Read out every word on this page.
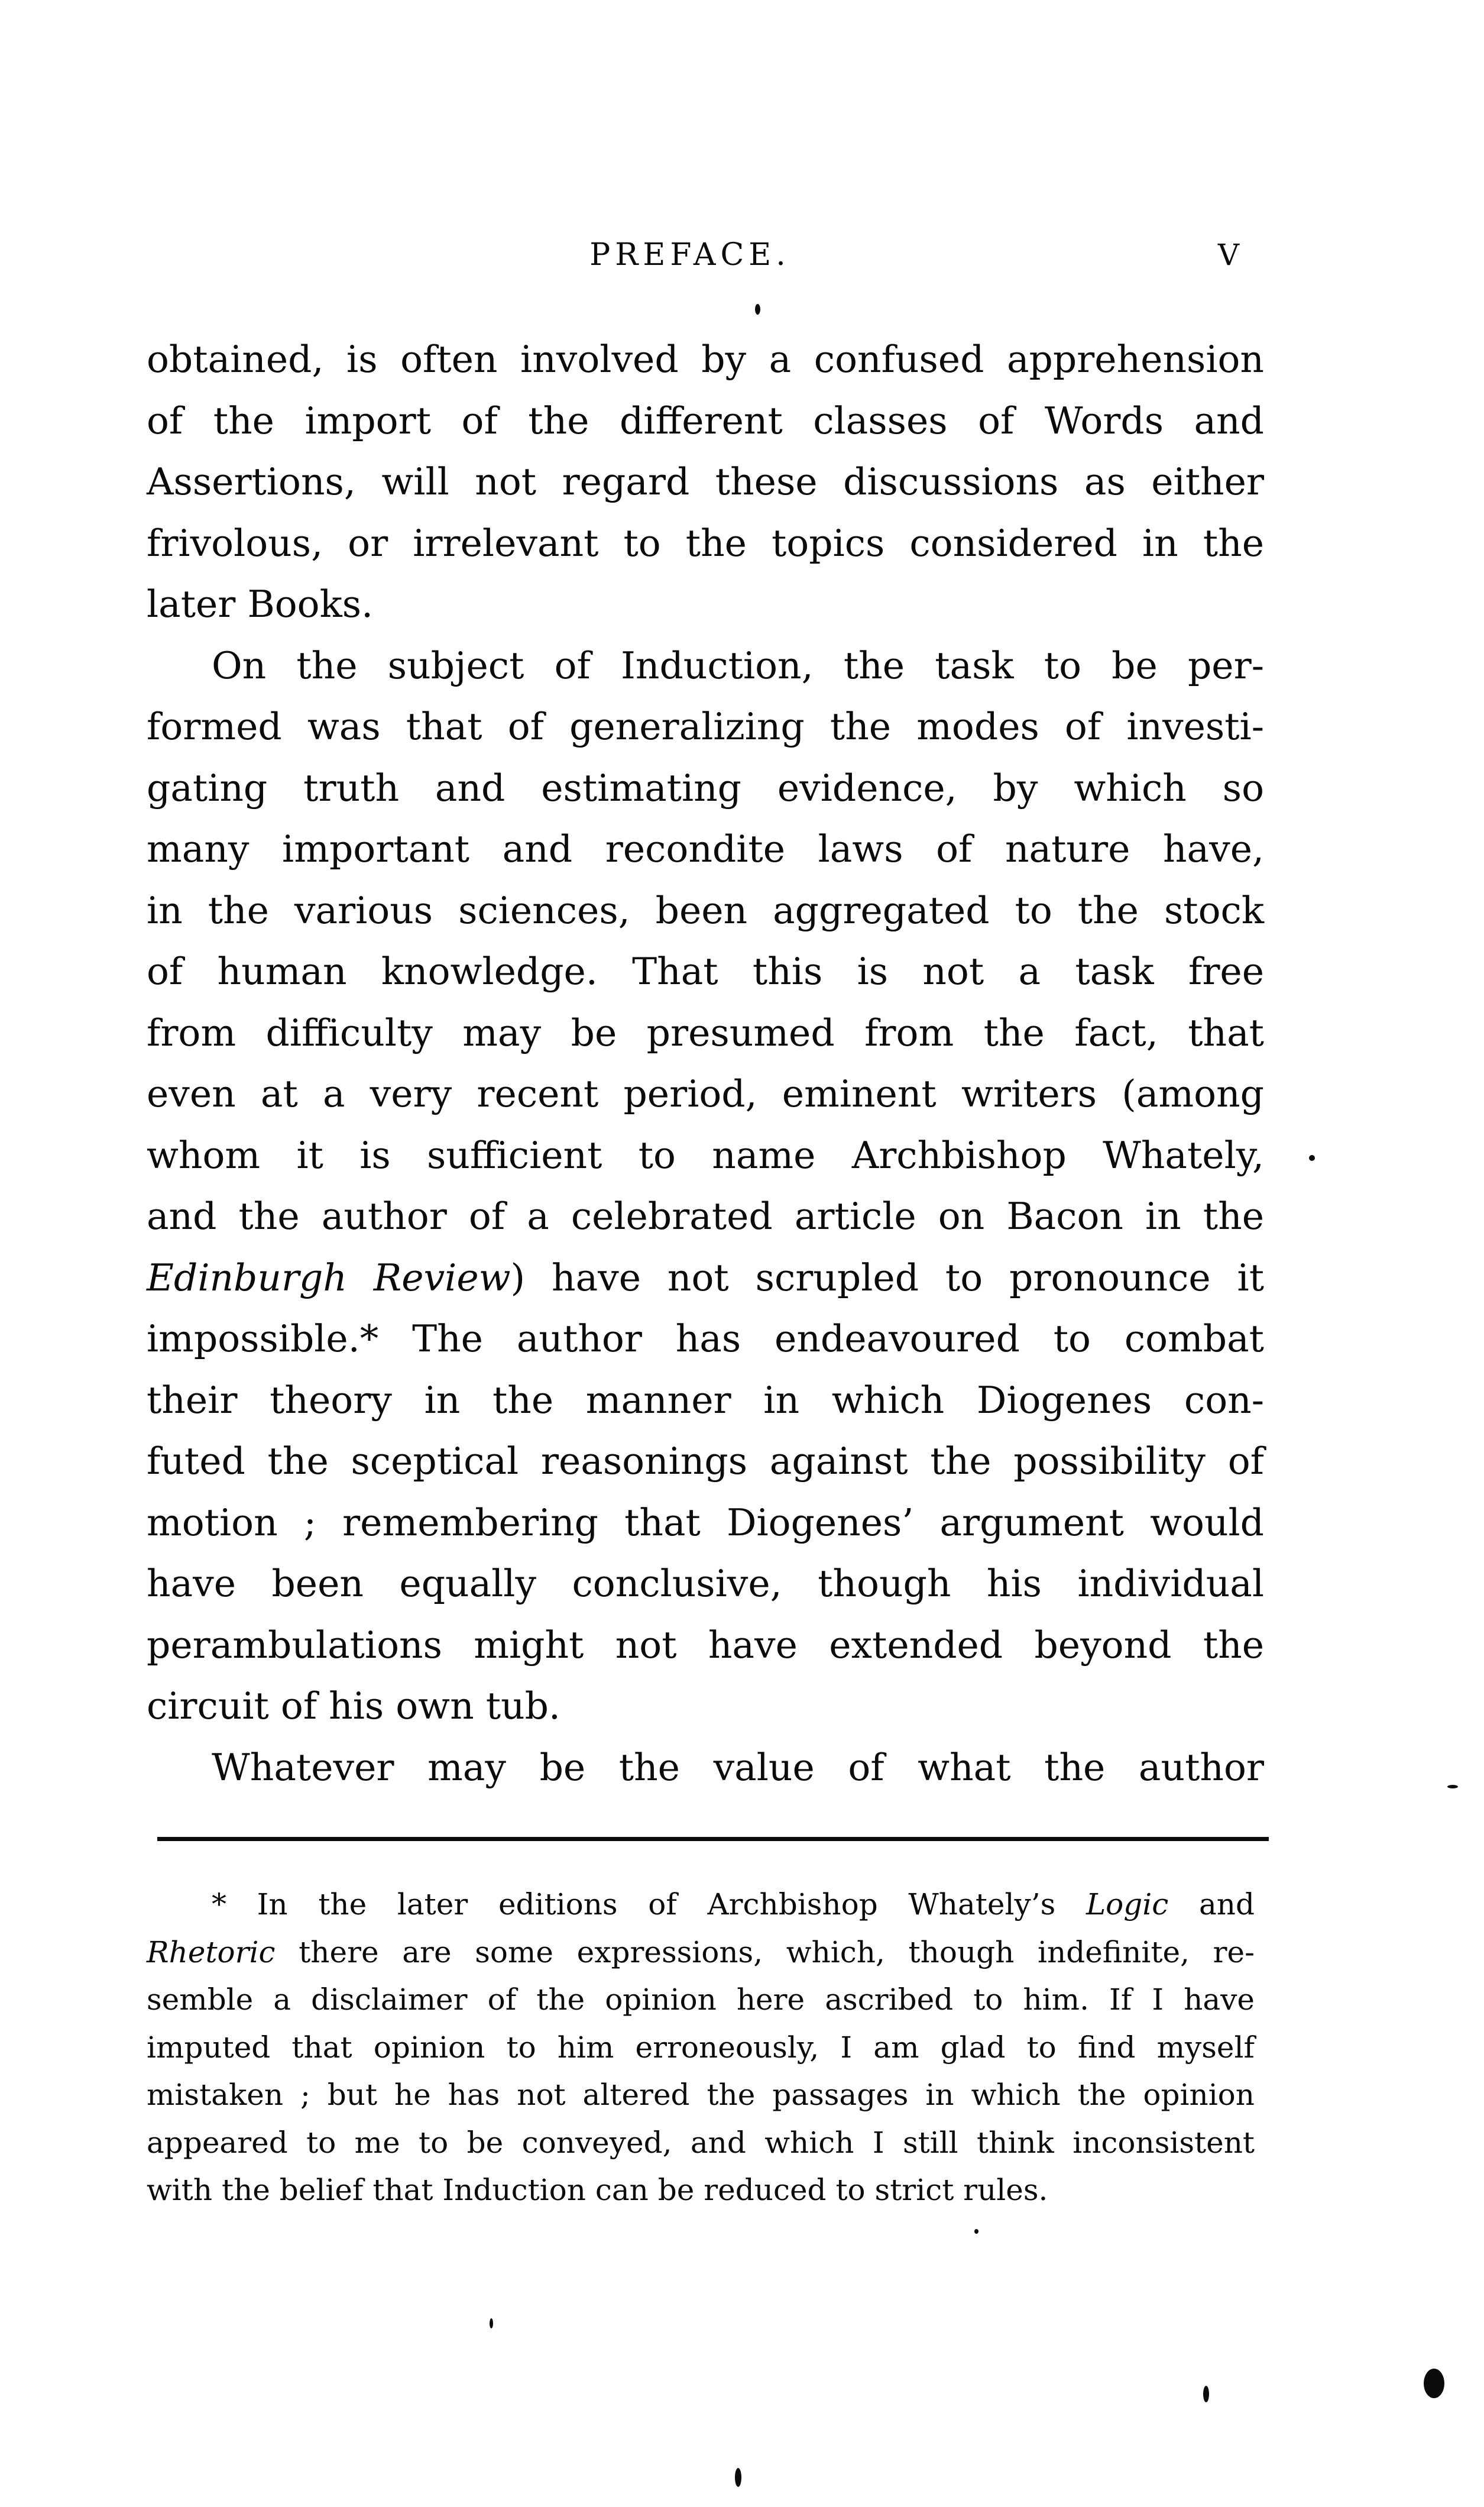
PREFACE.	V
obtained, is often involved by a confused apprehension
of the import of the different classes of Words and
Assertions, will not regard these discussions as either
frivolous, or irrelevant to the topics considered in the
later Books.
On the subject of Induction, the task to be per-
formed was that of generalizing the modes of investi-
gating truth and estimating evidence, by which so
many important and recondite laws of nature have,
in the various sciences, been aggregated to the stock
of human knowledge. That this is not a task free
from difficulty may be presumed from the fact, that
even at a very recent period, eminent writers (among
whom it is sufficient to name Archbishop Whately,
and the author of a celebrated article on Bacon in the
Edinburgh Review) have not scrupled to pronounce it
impossible.* The author has endeavoured to combat
their theory in the manner in which Diogenes con-
futed the sceptical reasonings against the possibility of
motion ; remembering that Diogenes’ argument would
have been equally conclusive, though his individual
perambulations might not have extended beyond the
circuit of his own tub.
Whatever may be the value of what the author
* In the later editions of Archbishop Whately’s Logic and
Rhetoric there are some expressions, which, though indefinite, re-
semble a disclaimer of the opinion here ascribed to him. If I have
imputed that opinion to him erroneously, I am glad to find myself
mistaken ; but he has not altered the passages in which the opinion
appeared to me to be conveyed, and which I still think inconsistent
with the belief that Induction can be reduced to strict rules.
